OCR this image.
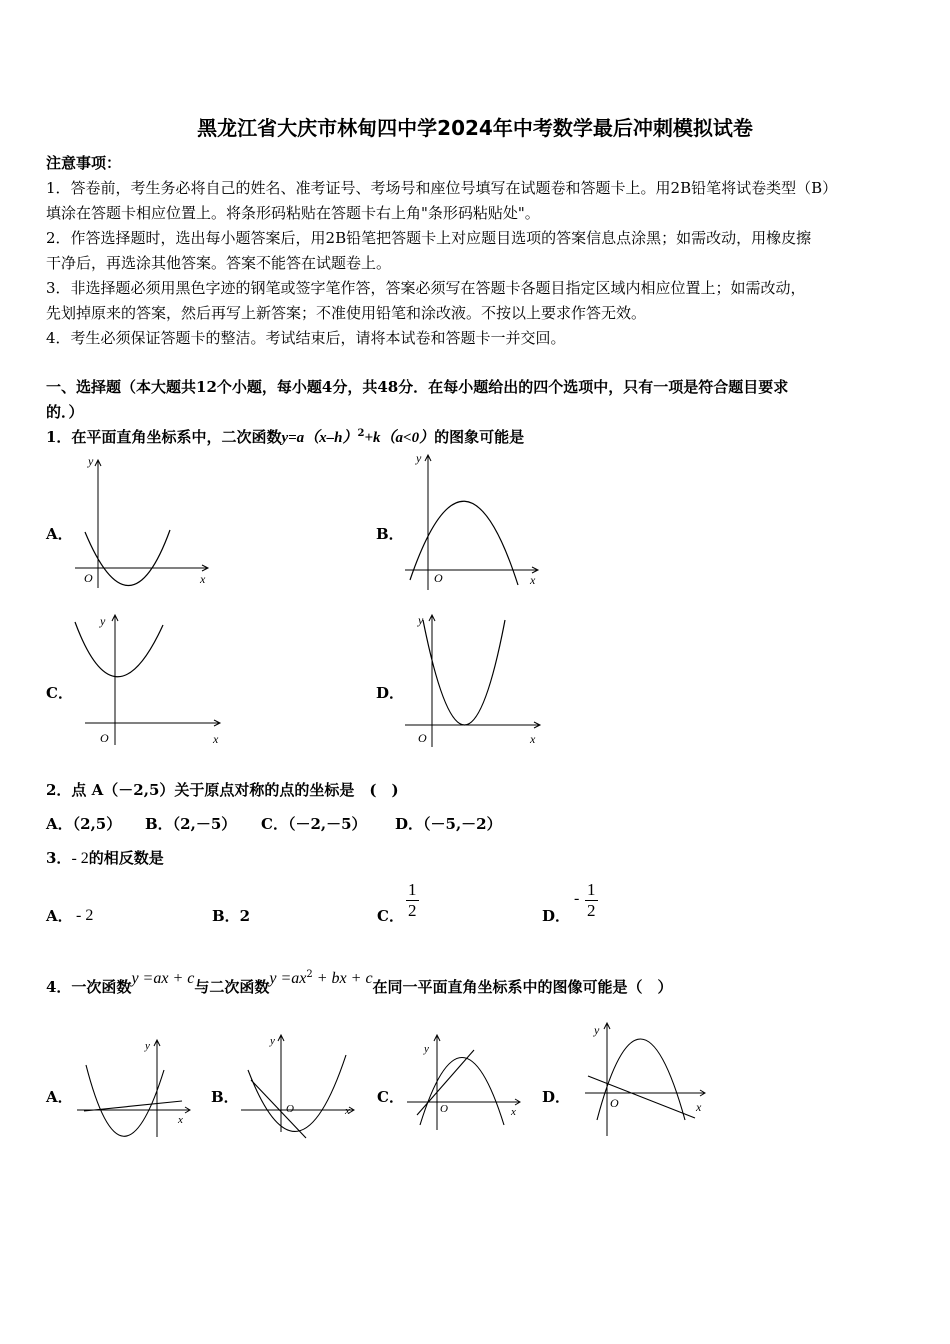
黑龙江省大庆市林甸四中学2024年中考数学最后冲刺模拟试卷
注意事项：
1．答卷前，考生务必将自己的姓名、准考证号、考场号和座位号填写在试题卷和答题卡上。用2B铅笔将试卷类型（B）
填涂在答题卡相应位置上。将条形码粘贴在答题卡右上角"条形码粘贴处"。
2．作答选择题时，选出每小题答案后，用2B铅笔把答题卡上对应题目选项的答案信息点涂黑；如需改动，用橡皮擦
干净后，再选涂其他答案。答案不能答在试题卷上。
3．非选择题必须用黑色字迹的钢笔或签字笔作答，答案必须写在答题卡各题目指定区域内相应位置上；如需改动，
先划掉原来的答案，然后再写上新答案；不准使用铅笔和涂改液。不按以上要求作答无效。
4．考生必须保证答题卡的整洁。考试结束后，请将本试卷和答题卡一并交回。
一、选择题（本大题共12个小题，每小题4分，共48分．在每小题给出的四个选项中，只有一项是符合题目要求
的．）
1．在平面直角坐标系中，二次函数$y=a(x-h)^2+k(a<0)$的图象可能是
A．
y
x
O
B．
y
x
O
C．
y
x
O
D．
y
x
O
2．点 A（－2,5）关于原点对称的点的坐标是　(　)
A．（2,5） B．（2,－5） C．（－2,－5） D．（－5,－2）
3．- 2的相反数是
A． - 2	B．2	C． $\frac{1}{2}$	D．
- $\frac{1}{2}$
4．一次函数y =ax + c与二次函数$y =ax^2$ + bx + c在同一平面直角坐标系中的图像可能是（　）
A．
y
x
B．
y
x
O
C．
y
x
O
D．
y
x
O
